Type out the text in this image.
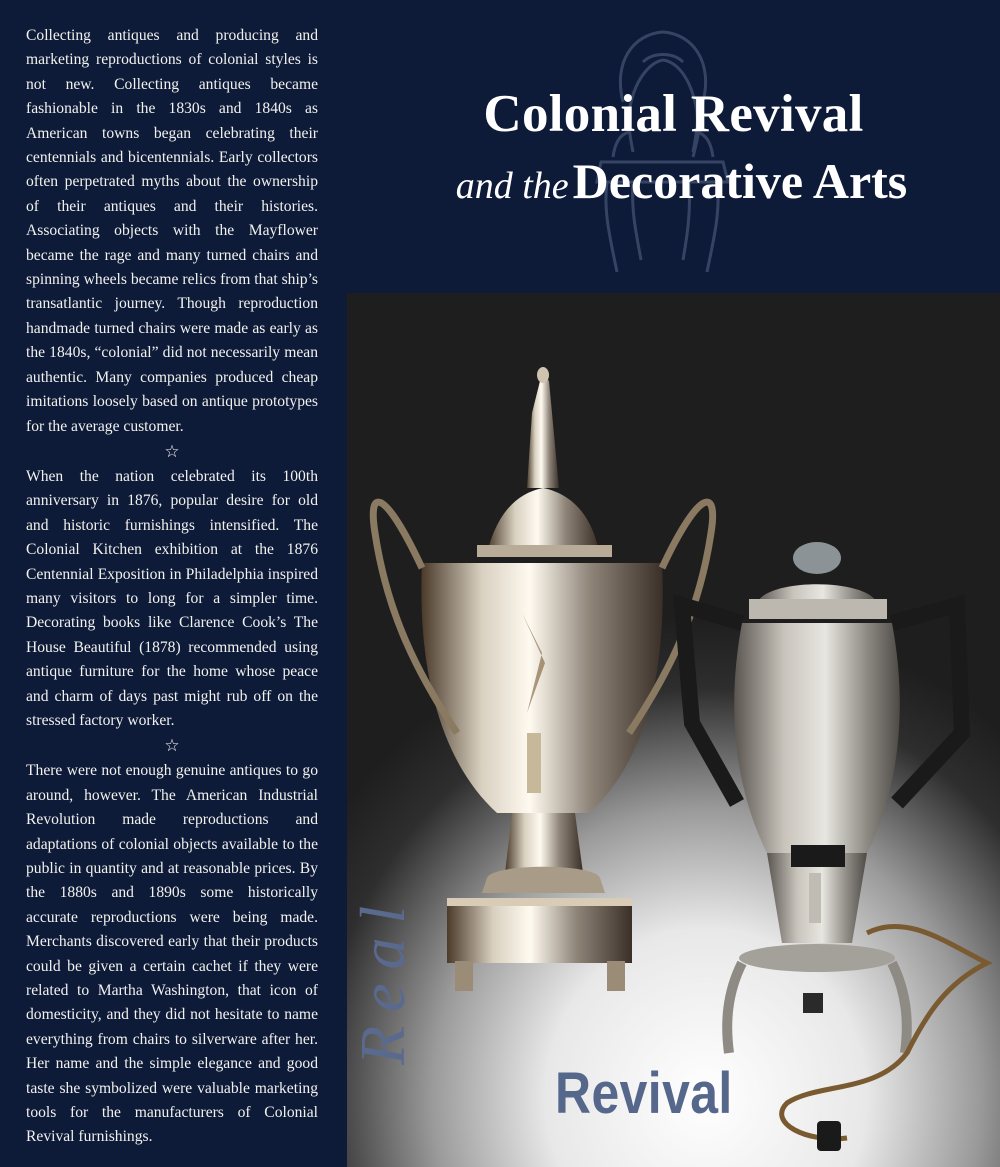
Collecting antiques and producing and marketing reproductions of colonial styles is not new. Collecting antiques became fashionable in the 1830s and 1840s as American towns began celebrating their centennials and bicentennials. Early collectors often perpetrated myths about the ownership of their antiques and their histories. Associating objects with the Mayflower became the rage and many turned chairs and spinning wheels became relics from that ship’s transatlantic journey. Though reproduction handmade turned chairs were made as early as the 1840s, “colonial” did not necessarily mean authentic. Many companies produced cheap imitations loosely based on antique prototypes for the average customer.

☆

When the nation celebrated its 100th anniversary in 1876, popular desire for old and historic furnishings intensified. The Colonial Kitchen exhibition at the 1876 Centennial Exposition in Philadelphia inspired many visitors to long for a simpler time. Decorating books like Clarence Cook’s The House Beautiful (1878) recommended using antique furniture for the home whose peace and charm of days past might rub off on the stressed factory worker.

☆

There were not enough genuine antiques to go around, however. The American Industrial Revolution made reproductions and adaptations of colonial objects available to the public in quantity and at reasonable prices. By the 1880s and 1890s some historically accurate reproductions were being made. Merchants discovered early that their products could be given a certain cachet if they were related to Martha Washington, that icon of domesticity, and they did not hesitate to name everything from chairs to silverware after her. Her name and the simple elegance and good taste she symbolized were valuable marketing tools for the manufacturers of Colonial Revival furnishings.

Colonial Revival
and the Decorative Arts
Real
Revival
